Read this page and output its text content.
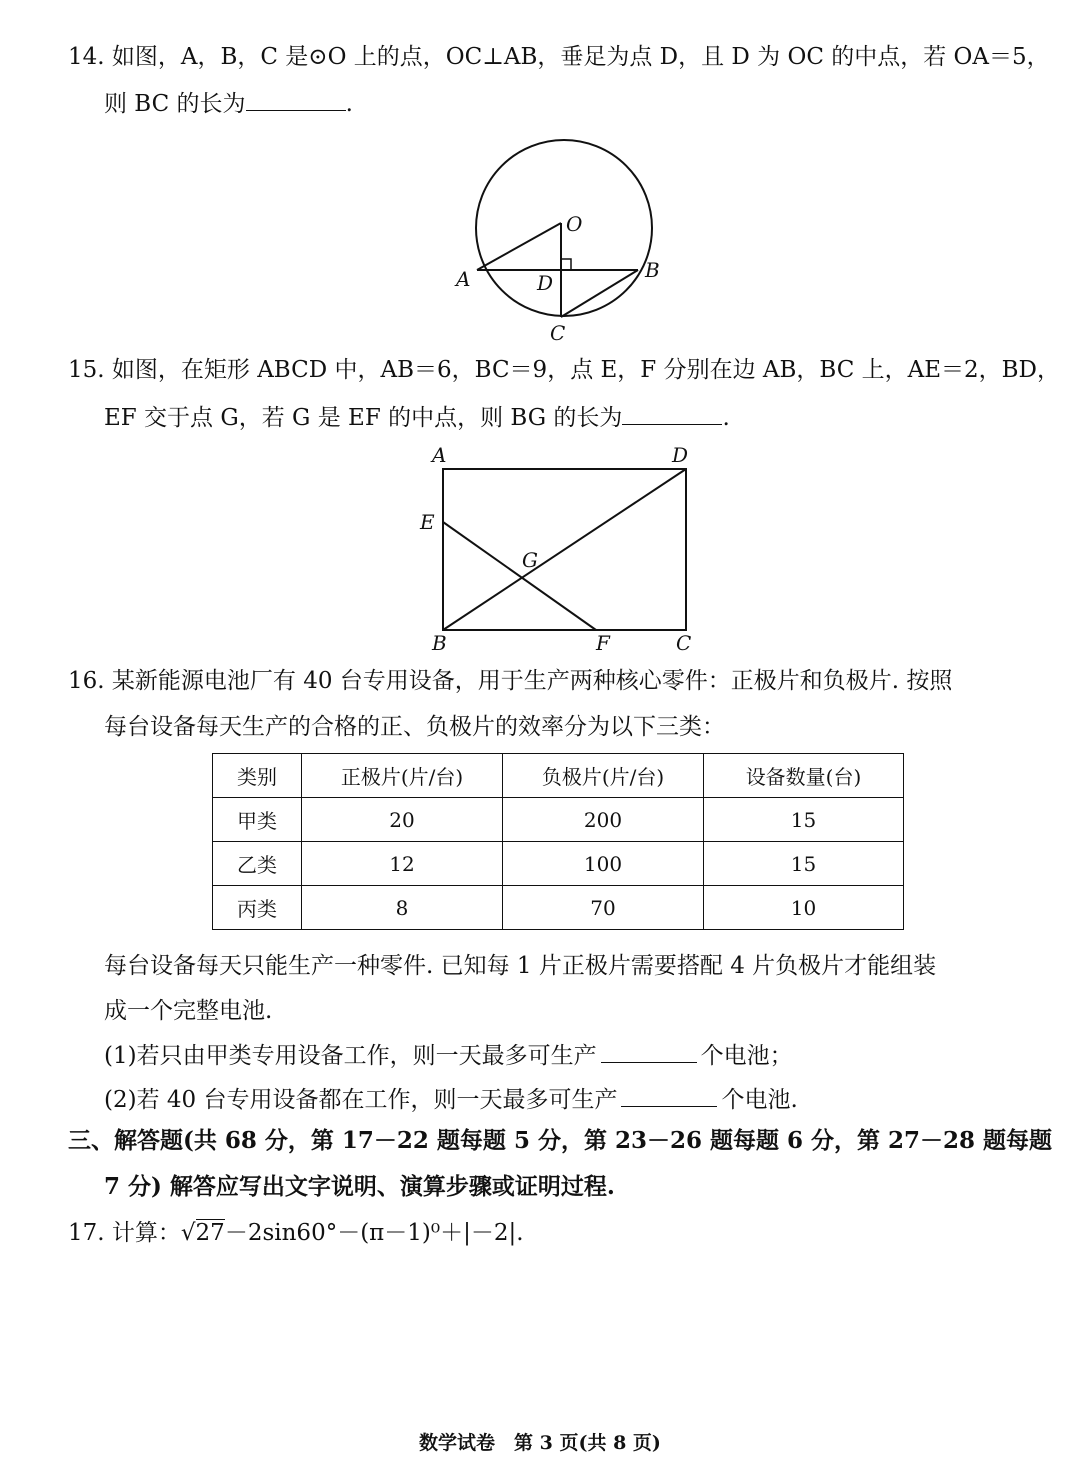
14. 如图，A，B，C 是⊙O 上的点，OC⊥AB，垂足为点 D，且 D 为 OC 的中点，若 OA＝5，
则 BC 的长为	.
O
A	B
D
C
15. 如图，在矩形 ABCD 中，AB＝6，BC＝9，点 E，F 分别在边 AB，BC 上，AE＝2，BD，
EF 交于点 G，若 G 是 EF 的中点，则 BG 的长为	.
A	D
E
G
B	F	C
16. 某新能源电池厂有 40 台专用设备，用于生产两种核心零件：正极片和负极片. 按照
每台设备每天生产的合格的正、负极片的效率分为以下三类：
类别	正极片(片/台)	负极片(片/台)	设备数量(台)
甲类	20	200	15
乙类	12	100	15
丙类	8	70	10
每台设备每天只能生产一种零件. 已知每 1 片正极片需要搭配 4 片负极片才能组装
成一个完整电池.
(1)若只由甲类专用设备工作，则一天最多可生产	个电池；
(2)若 40 台专用设备都在工作，则一天最多可生产	个电池.
三、解答题(共 68 分，第 17－22 题每题 5 分，第 23－26 题每题 6 分，第 27－28 题每题
7 分) 解答应写出文字说明、演算步骤或证明过程.
17. 计算：√27－2sin60°－(π－1)⁰＋|－2|.
数学试卷　第 3 页(共 8 页)
